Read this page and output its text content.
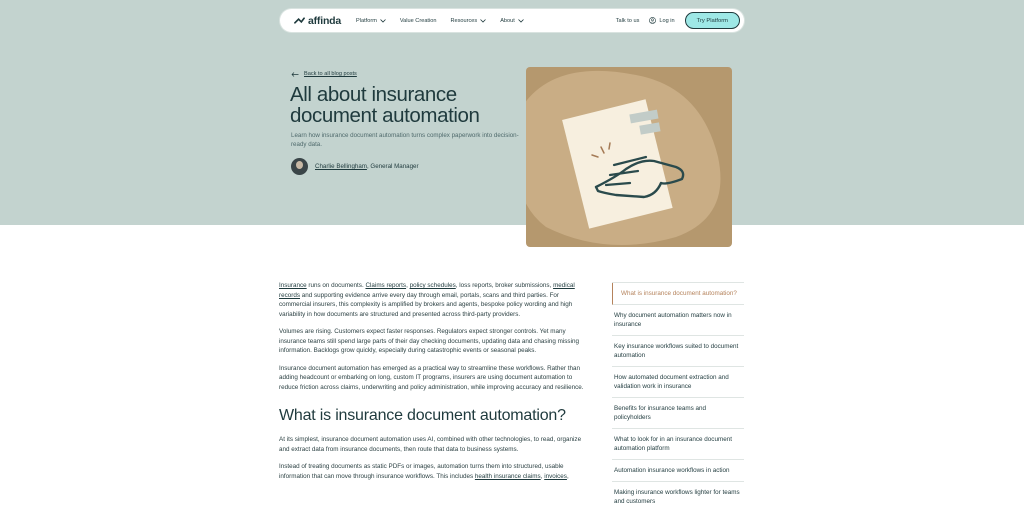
affinda	Platform	Value Creation	Resources	About	Talk to us	Log in	Try Platform
Back to all blog posts
All about insurance document automation

Learn how insurance document automation turns complex paperwork into decision-ready data.

Charlie Bellingham, General Manager

Insurance runs on documents. Claims reports, policy schedules, loss reports, broker submissions, medical records and supporting evidence arrive every day through email, portals, scans and third parties. For commercial insurers, this complexity is amplified by brokers and agents, bespoke policy wording and high variability in how documents are structured and presented across third-party providers.

Volumes are rising. Customers expect faster responses. Regulators expect stronger controls. Yet many insurance teams still spend large parts of their day checking documents, updating data and chasing missing information. Backlogs grow quickly, especially during catastrophic events or seasonal peaks.

Insurance document automation has emerged as a practical way to streamline these workflows. Rather than adding headcount or embarking on long, custom IT programs, insurers are using document automation to reduce friction across claims, underwriting and policy administration, while improving accuracy and resilience.

What is insurance document automation?

At its simplest, insurance document automation uses AI, combined with other technologies, to read, organize and extract data from insurance documents, then route that data to business systems.

Instead of treating documents as static PDFs or images, automation turns them into structured, usable information that can move through insurance workflows. This includes health insurance claims, invoices,

What is insurance document automation?
Why document automation matters now in insurance
Key insurance workflows suited to document automation
How automated document extraction and validation work in insurance
Benefits for insurance teams and policyholders
What to look for in an insurance document automation platform
Automation insurance workflows in action
Making insurance workflows lighter for teams and customers
